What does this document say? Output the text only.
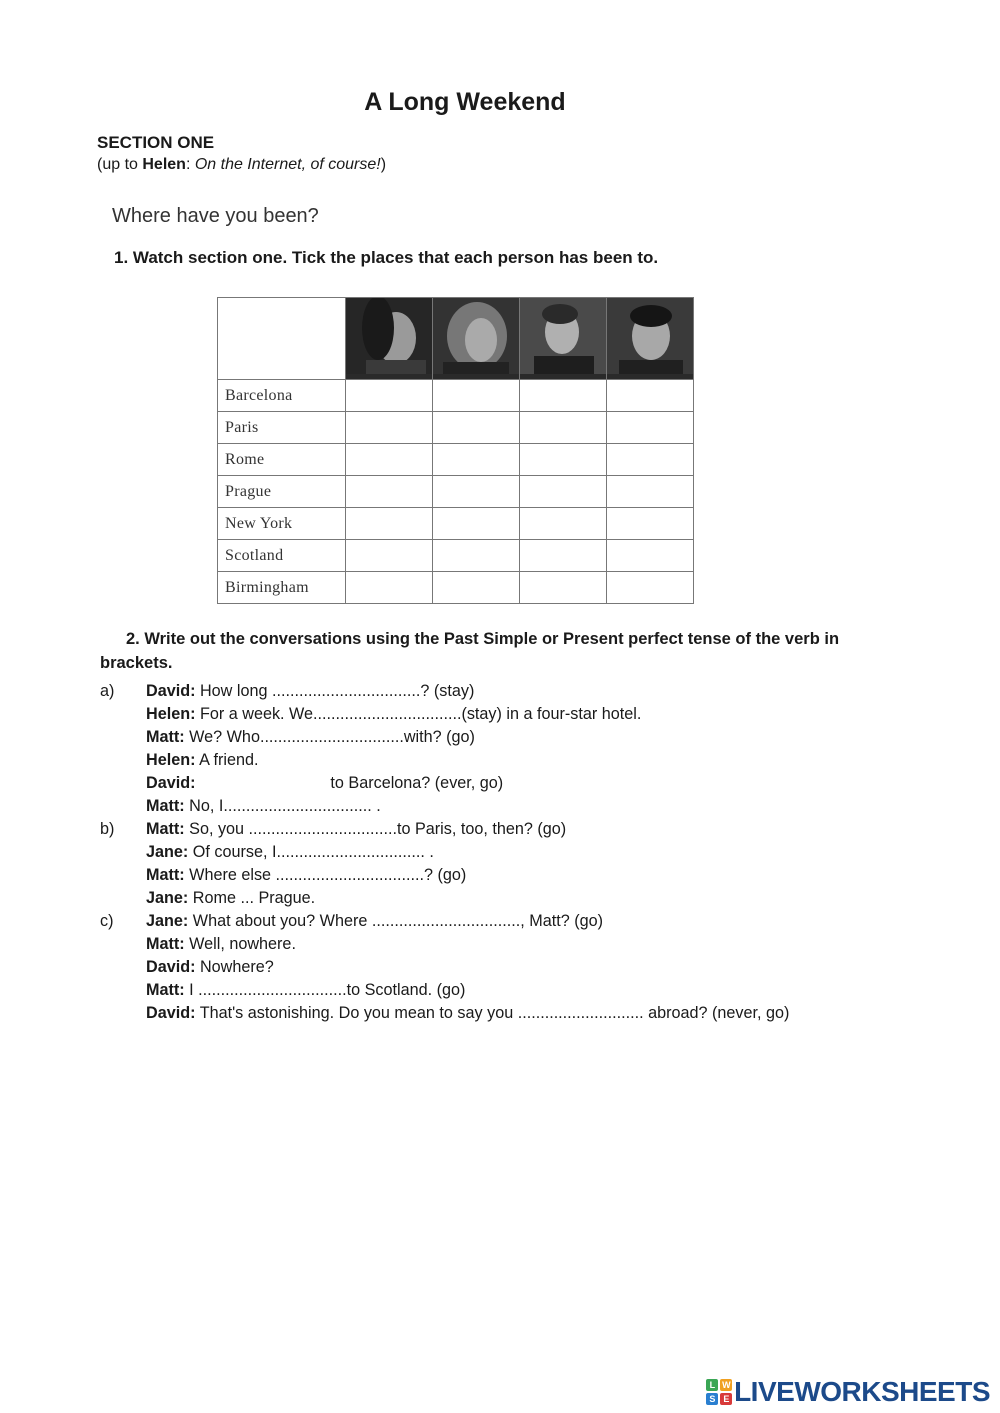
A Long Weekend
SECTION ONE
(up to Helen: On the Internet, of course!)
Where have you been?
1. Watch section one. Tick the places that each person has been to.

Barcelona				
Paris				
Rome				
Prague				
New York				
Scotland				
Birmingham				
2. Write out the conversations using the Past Simple or Present perfect tense of the verb in brackets.
a) David: How long .................................? (stay)
Helen: For a week. We.................................(stay) in a four-star hotel.
Matt: We? Who................................with? (go)
Helen: A friend.
David:                              to Barcelona? (ever, go)
Matt: No, I................................. .
b) Matt: So, you .................................to Paris, too, then? (go)
Jane: Of course, I................................. .
Matt: Where else .................................? (go)
Jane: Rome ... Prague.
c) Jane: What about you? Where ................................., Matt? (go)
Matt: Well, nowhere.
David: Nowhere?
Matt: I .................................to Scotland. (go)
David: That's astonishing. Do you mean to say you ............................ abroad? (never, go)
L W
S E LIVEWORKSHEETS
